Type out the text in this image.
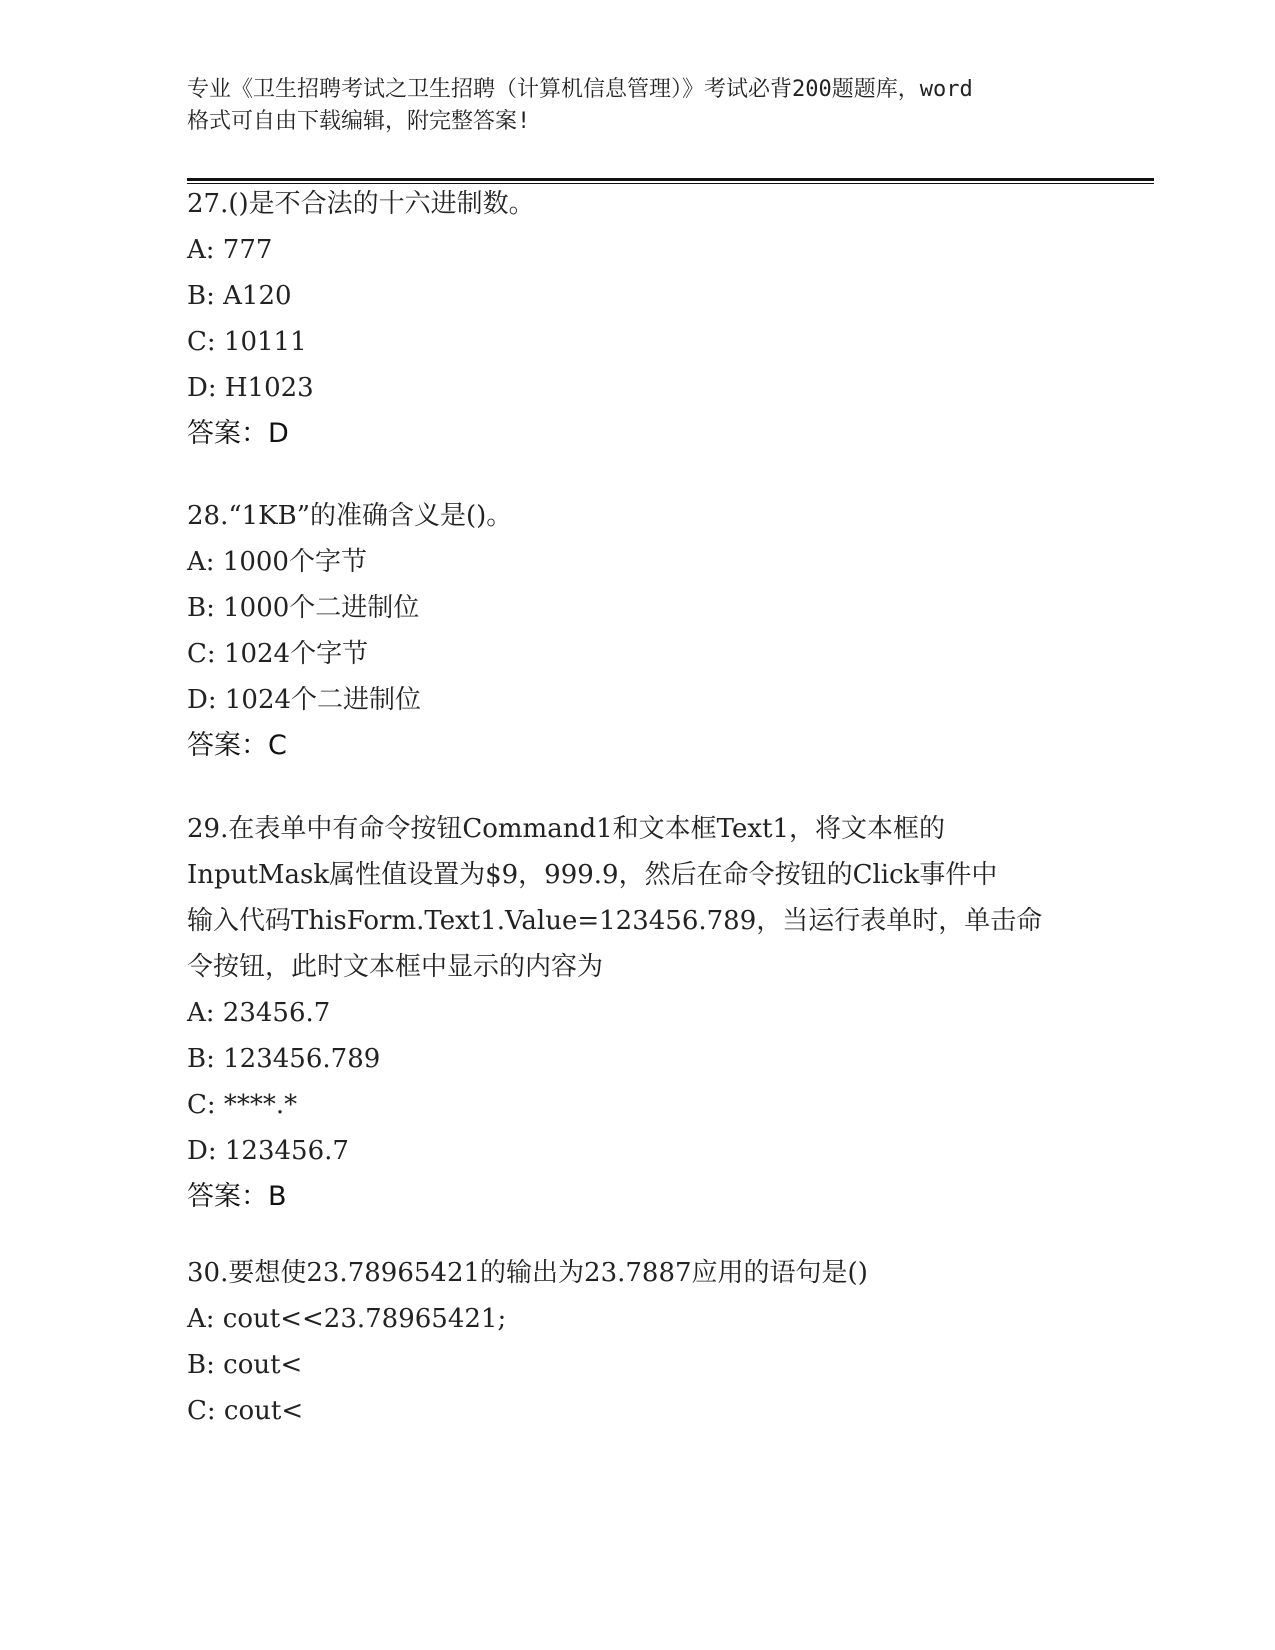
专业《卫生招聘考试之卫生招聘（计算机信息管理）》考试必背200题题库，word
格式可自由下载编辑，附完整答案!
27.()是不合法的十六进制数。
A: 777
B: A120
C: 10111
D: H1023
答案：D
28.“1KB”的准确含义是()。
A: 1000个字节
B: 1000个二进制位
C: 1024个字节
D: 1024个二进制位
答案：C
29.在表单中有命令按钮Command1和文本框Text1，将文本框的
InputMask属性值设置为$9，999.9，然后在命令按钮的Click事件中
输入代码ThisForm.Text1.Value=123456.789，当运行表单时，单击命
令按钮，此时文本框中显示的内容为
A: 23456.7
B: 123456.789
C: ****.*
D: 123456.7
答案：B
30.要想使23.78965421的输出为23.7887应用的语句是()
A: cout<<23.78965421;
B: cout<
C: cout<
